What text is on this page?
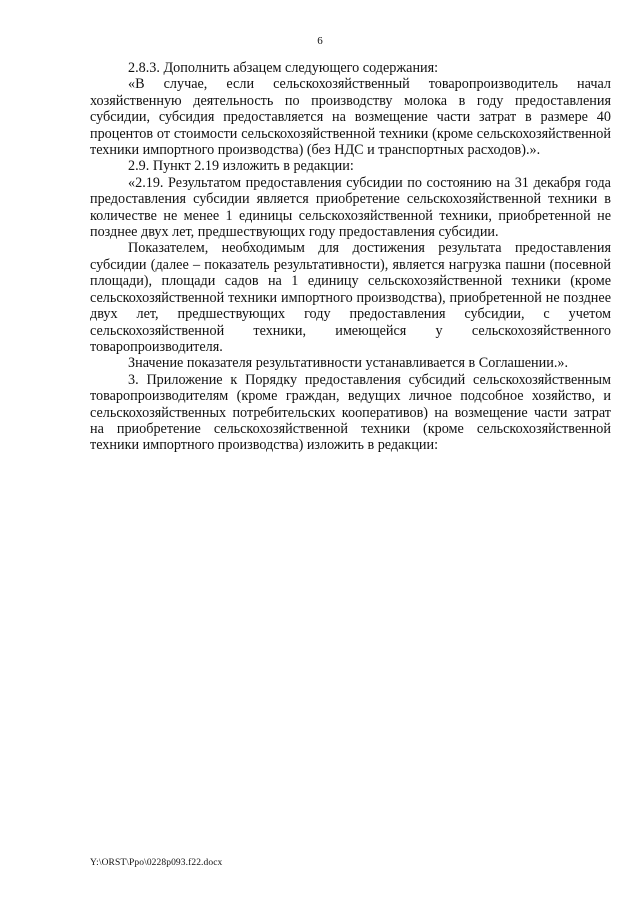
6

2.8.3. Дополнить абзацем следующего содержания:

«В случае, если сельскохозяйственный товаропроизводитель начал хозяйственную деятельность по производству молока в году предоставления субсидии, субсидия предоставляется на возмещение части затрат в размере 40 процентов от стоимости сельскохозяйственной техники (кроме сельскохозяйственной техники импортного производства) (без НДС и транспортных расходов).».

2.9. Пункт 2.19 изложить в редакции:

«2.19. Результатом предоставления субсидии по состоянию на 31 декабря года предоставления субсидии является приобретение сельскохозяйственной техники в количестве не менее 1 единицы сельскохозяйственной техники, приобретенной не позднее двух лет, предшествующих году предоставления субсидии.

Показателем, необходимым для достижения результата предоставления субсидии (далее – показатель результативности), является нагрузка пашни (посевной площади), площади садов на 1 единицу сельскохозяйственной техники (кромe сельскохозяйственной техники импортного производства), приобретенной не позднее двух лет, предшествующих году предоставления субсидии, с учетом сельскохозяйственной техники, имеющейся у сельскохозяйственного товаропроизводителя.

Значение показателя результативности устанавливается в Соглашении.».

3. Приложение к Порядку предоставления субсидий сельскохозяйственным товаропроизводителям (кроме граждан, ведущих личное подсобное хозяйство, и сельскохозяйственных потребительских кооперативов) на возмещение части затрат на приобретение сельскохозяйственной техники (кроме сельскохозяйственной техники импортного производства) изложить в редакции:

Y:\ORST\Ppo\0228p093.f22.docx
